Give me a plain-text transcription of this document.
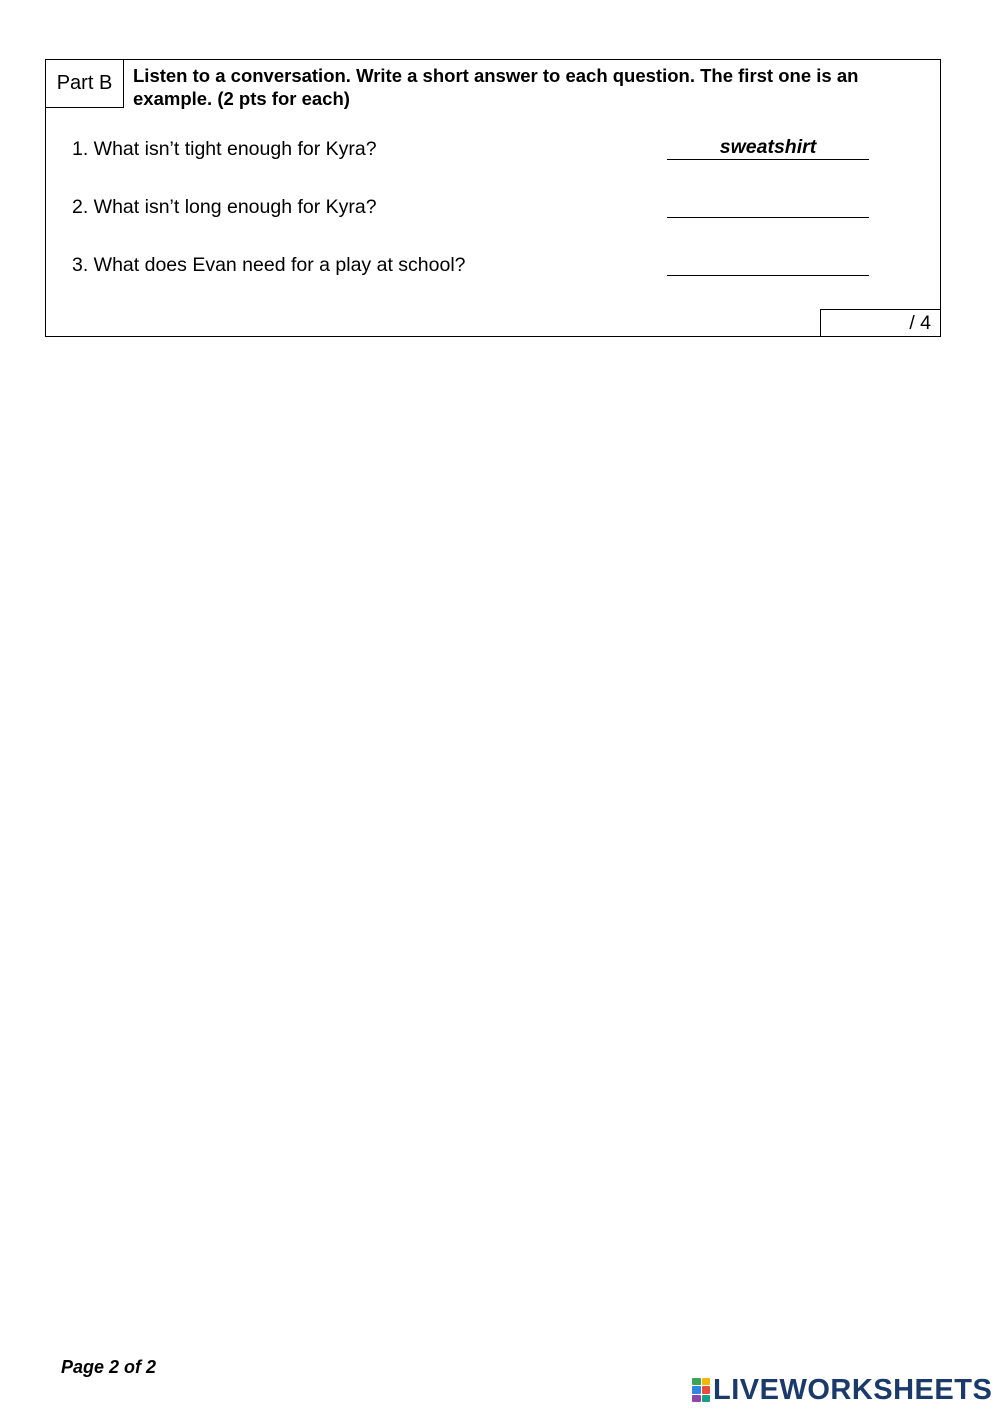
Part B	Listen to a conversation. Write a short answer to each question. The first one is an example. (2 pts for each)
1. What isn’t tight enough for Kyra?	sweatshirt
2. What isn’t long enough for Kyra?
3. What does Evan need for a play at school?
/ 4
Page 2 of 2
LIVEWORKSHEETS
